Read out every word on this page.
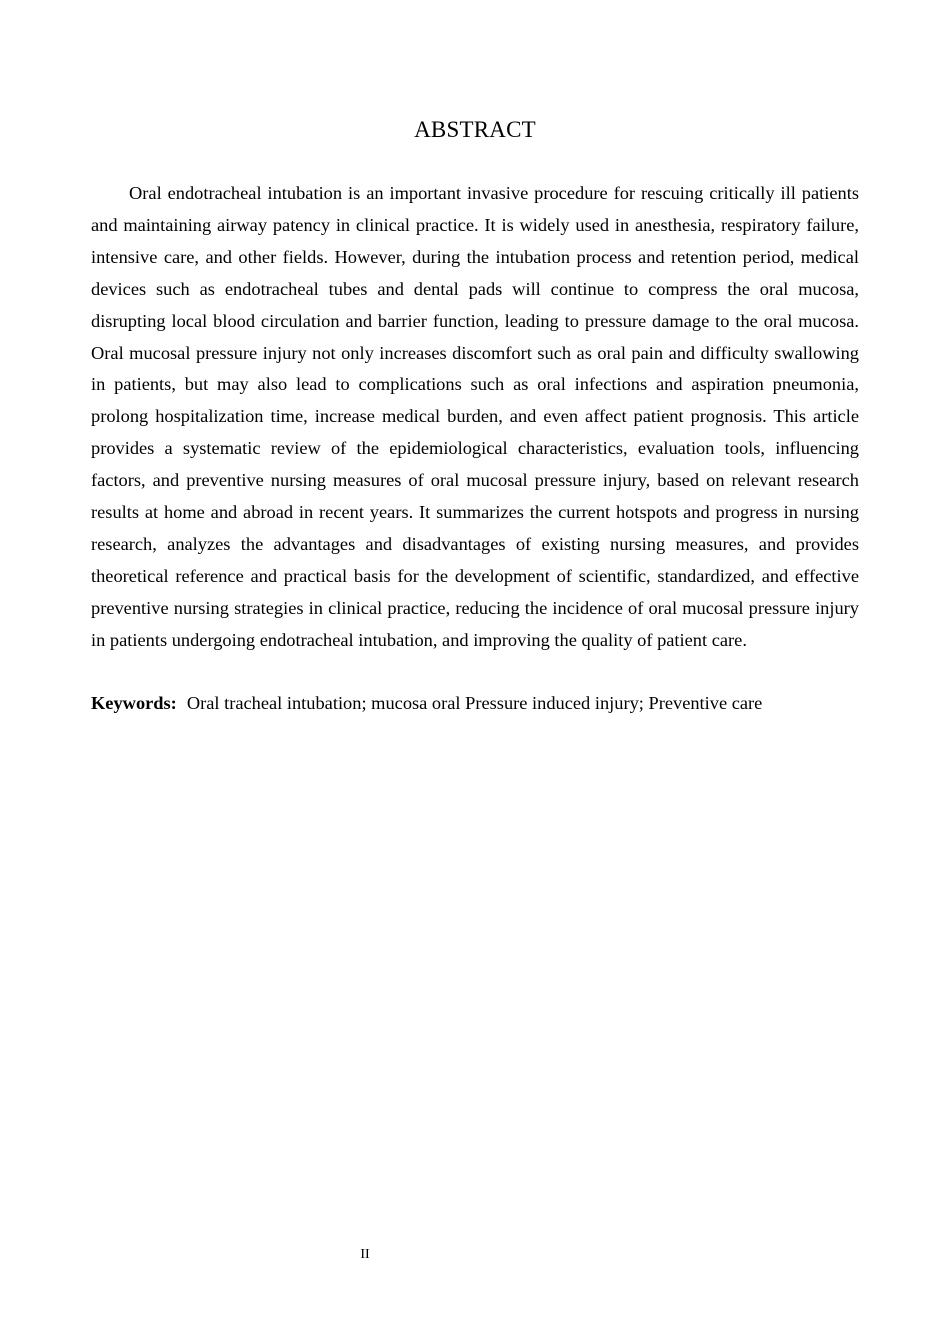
ABSTRACT

Oral endotracheal intubation is an important invasive procedure for rescuing critically ill patients and maintaining airway patency in clinical practice. It is widely used in anesthesia, respiratory failure, intensive care, and other fields. However, during the intubation process and retention period, medical devices such as endotracheal tubes and dental pads will continue to compress the oral mucosa, disrupting local blood circulation and barrier function, leading to pressure damage to the oral mucosa. Oral mucosal pressure injury not only increases discomfort such as oral pain and difficulty swallowing in patients, but may also lead to complications such as oral infections and aspiration pneumonia, prolong hospitalization time, increase medical burden, and even affect patient prognosis. This article provides a systematic review of the epidemiological characteristics, evaluation tools, influencing factors, and preventive nursing measures of oral mucosal pressure injury, based on relevant research results at home and abroad in recent years. It summarizes the current hotspots and progress in nursing research, analyzes the advantages and disadvantages of existing nursing measures, and provides theoretical reference and practical basis for the development of scientific, standardized, and effective preventive nursing strategies in clinical practice, reducing the incidence of oral mucosal pressure injury in patients undergoing endotracheal intubation, and improving the quality of patient care.

Keywords: Oral tracheal intubation; mucosa oral Pressure induced injury; Preventive care

II
